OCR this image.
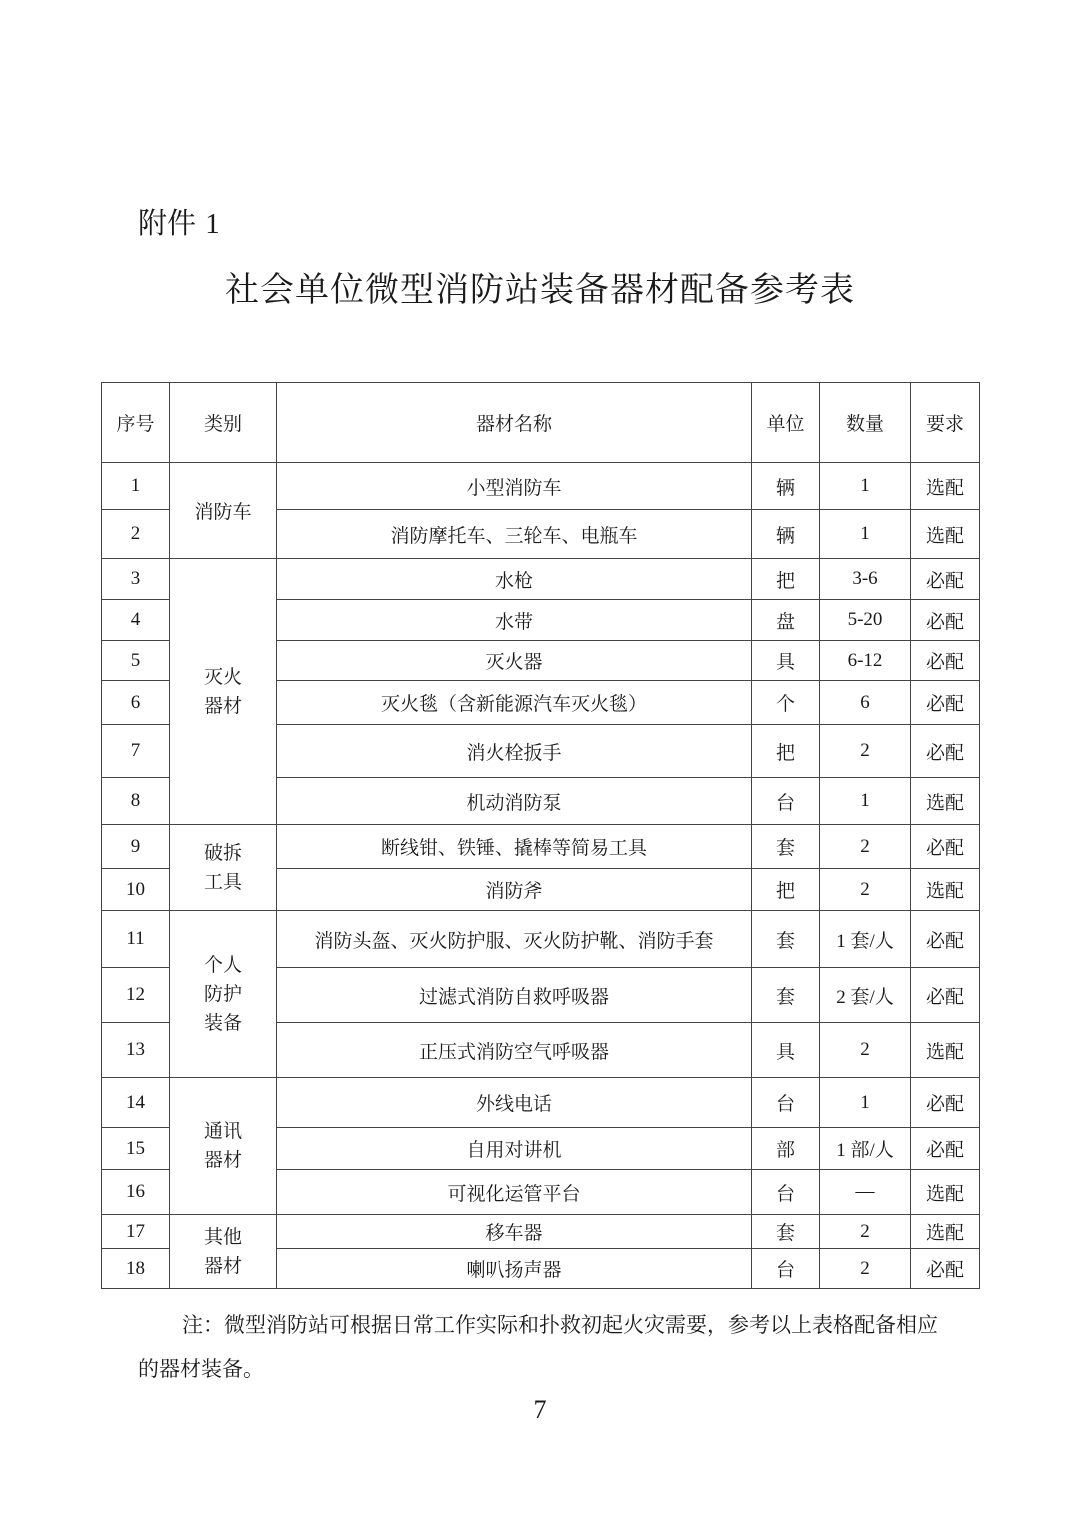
附件 1
社会单位微型消防站装备器材配备参考表
序号	类别	器材名称	单位	数量	要求
1	消防车	小型消防车	辆	1	选配
2		消防摩托车、三轮车、电瓶车	辆	1	选配
3	灭火器材	水枪	把	3-6	必配
4		水带	盘	5-20	必配
5		灭火器	具	6-12	必配
6		灭火毯（含新能源汽车灭火毯）	个	6	必配
7		消火栓扳手	把	2	必配
8		机动消防泵	台	1	选配
9	破拆工具	断线钳、铁锤、撬棒等简易工具	套	2	必配
10		消防斧	把	2	选配
11	个人防护装备	消防头盔、灭火防护服、灭火防护靴、消防手套	套	1 套/人	必配
12		过滤式消防自救呼吸器	套	2 套/人	必配
13		正压式消防空气呼吸器	具	2	选配
14	通讯器材	外线电话	台	1	必配
15		自用对讲机	部	1 部/人	必配
16		可视化运管平台	台	—	选配
17	其他器材	移车器	套	2	选配
18		喇叭扬声器	台	2	必配

注：微型消防站可根据日常工作实际和扑救初起火灾需要，参考以上表格配备相应的器材装备。

7
